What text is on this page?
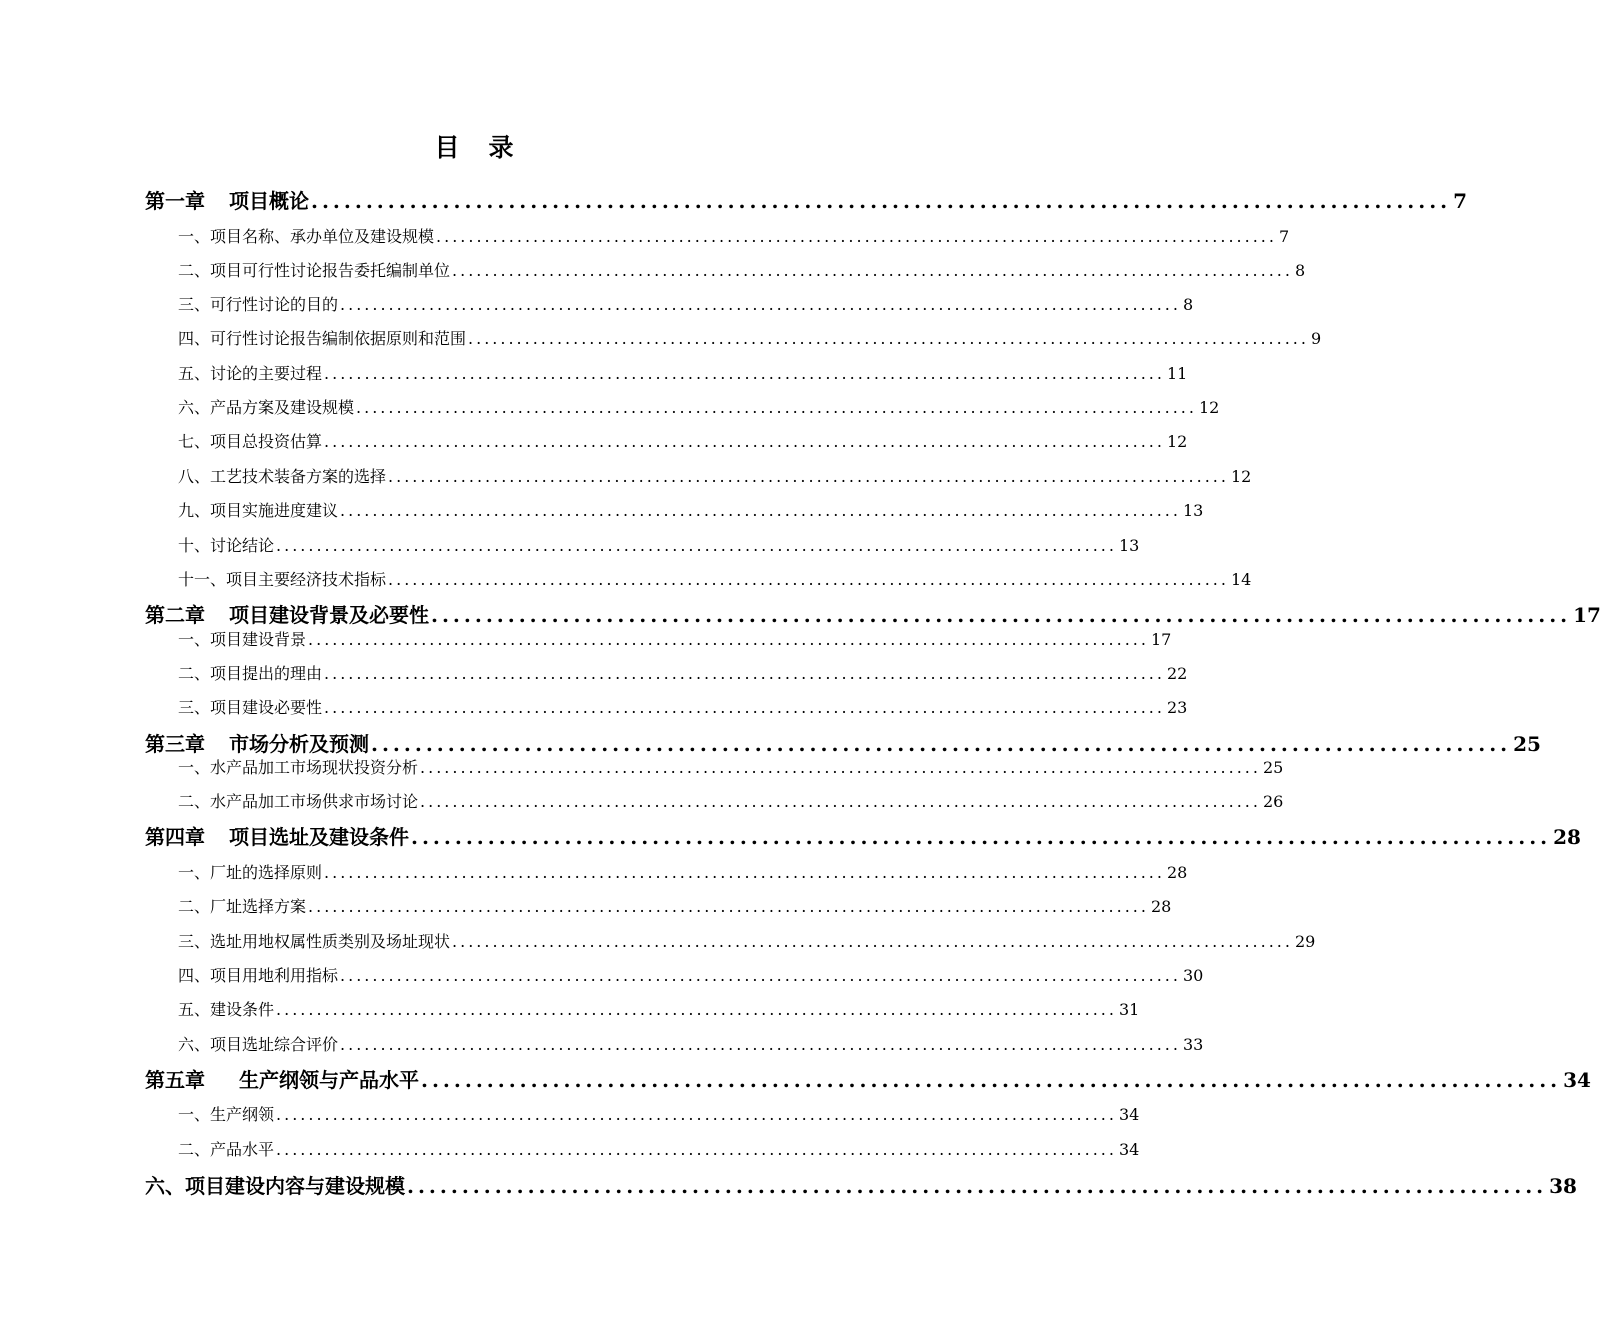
目　录
第一章 项目概论 ........................................................................................................ 7
一、项目名称、承办单位及建设规模 ........................................................................................................ 7
二、项目可行性讨论报告委托编制单位 ........................................................................................................ 8
三、可行性讨论的目的 ........................................................................................................ 8
四、可行性讨论报告编制依据原则和范围 ........................................................................................................ 9
五、讨论的主要过程 ........................................................................................................ 11
六、产品方案及建设规模 ........................................................................................................ 12
七、项目总投资估算 ........................................................................................................ 12
八、工艺技术装备方案的选择 ........................................................................................................ 12
九、项目实施进度建议 ........................................................................................................ 13
十、讨论结论 ........................................................................................................ 13
十一、项目主要经济技术指标 ........................................................................................................ 14
第二章 项目建设背景及必要性 ........................................................................................................ 17
一、项目建设背景 ........................................................................................................ 17
二、项目提出的理由 ........................................................................................................ 22
三、项目建设必要性 ........................................................................................................ 23
第三章 市场分析及预测 ........................................................................................................ 25
一、水产品加工市场现状投资分析 ........................................................................................................ 25
二、水产品加工市场供求市场讨论 ........................................................................................................ 26
第四章 项目选址及建设条件 ........................................................................................................ 28
一、厂址的选择原则 ........................................................................................................ 28
二、厂址选择方案 ........................................................................................................ 28
三、选址用地权属性质类别及场址现状 ........................................................................................................ 29
四、项目用地利用指标 ........................................................................................................ 30
五、建设条件 ........................................................................................................ 31
六、项目选址综合评价 ........................................................................................................ 33
第五章 生产纲领与产品水平 ........................................................................................................ 34
一、生产纲领 ........................................................................................................ 34
二、产品水平 ........................................................................................................ 34
六、项目建设内容与建设规模 ........................................................................................................ 38
